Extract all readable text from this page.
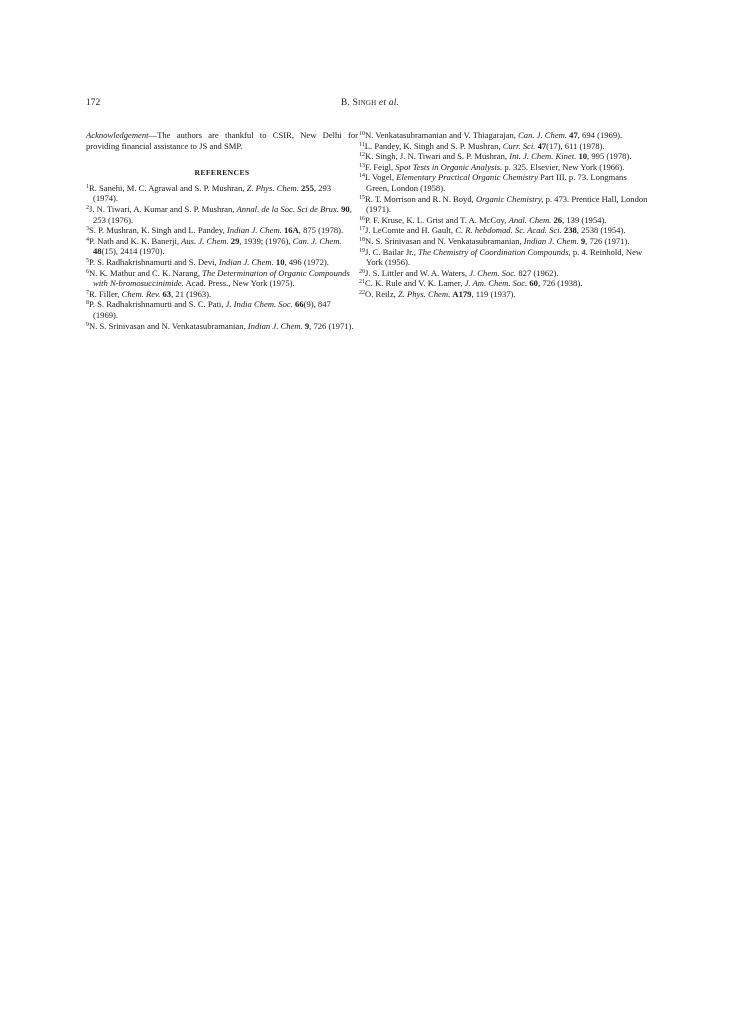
172	B. Singh et al.

Acknowledgement—The authors are thankful to CSIR, New Delhi for providing financial assistance to JS and SMP.

REFERENCES

$^1$R. Sanehi, M. C. Agrawal and S. P. Mushran, Z. Phys. Chem. 255, 293 (1974).

$^2$J. N. Tiwari, A. Kumar and S. P. Mushran, Annal. de la Soc. Sci de Brux. 90, 253 (1976).

$^3$S. P. Mushran, K. Singh and L. Pandey, Indian J. Chem. 16A, 875 (1978).

$^4$P. Nath and K. K. Banerji, Aus. J. Chem. 29, 1939; (1976), Can. J. Chem. 48(15), 2414 (1970).

$^5$P. S. Radhakrishnamurti and S. Devi, Indian J. Chem. 10, 496 (1972).

$^6$N. K. Mathur and C. K. Narang, The Determination of Organic Compounds with N-bromosuccinimide. Acad. Press., New York (1975).

$^7$R. Filler, Chem. Rev. 63, 21 (1963).

$^8$P. S. Radhakrishnamurti and S. C. Pati, J. India Chem. Soc. 66(9), 847 (1969).

$^9$N. S. Srinivasan and N. Venkatasubramanian, Indian J. Chem. 9, 726 (1971).

$^{10}$N. Venkatasubramanian and V. Thiagarajan, Can. J. Chem. 47, 694 (1969).

$^{11}$L. Pandey, K. Singh and S. P. Mushran, Curr. Sci. 47(17), 611 (1978).

$^{12}$K. Singh, J. N. Tiwari and S. P. Mushran, Int. J. Chem. Kinet. 10, 995 (1978).

$^{13}$F. Feigl, Spot Tests in Organic Analysis. p. 325. Elsevier, New York (1966).

$^{14}$I. Vogel, Elementary Practical Organic Chemistry Part III. p. 73. Longmans Green, London (1958).

$^{15}$R. T. Morrison and R. N. Boyd, Organic Chemistry, p. 473. Prentice Hall, London (1971).

$^{16}$P. F. Kruse, K. L. Grist and T. A. McCoy, Anal. Chem. 26, 139 (1954).

$^{17}$J. LeComte and H. Gault, C. R. hebdomad. Sc. Acad. Sci. 238, 2538 (1954).

$^{18}$N. S. Srinivasan and N. Venkatasubramanian, Indian J. Chem. 9, 726 (1971).

$^{19}$J. C. Bailar Jr., The Chemistry of Coordination Compounds, p. 4. Reinhold, New York (1956).

$^{20}$J. S. Littler and W. A. Waters, J. Chem. Soc. 827 (1962).

$^{21}$C. K. Rule and V. K. Lamer, J. Am. Chem. Soc. 60, 726 (1938).

$^{22}$O. Reilz, Z. Phys. Chem. A179, 119 (1937).
